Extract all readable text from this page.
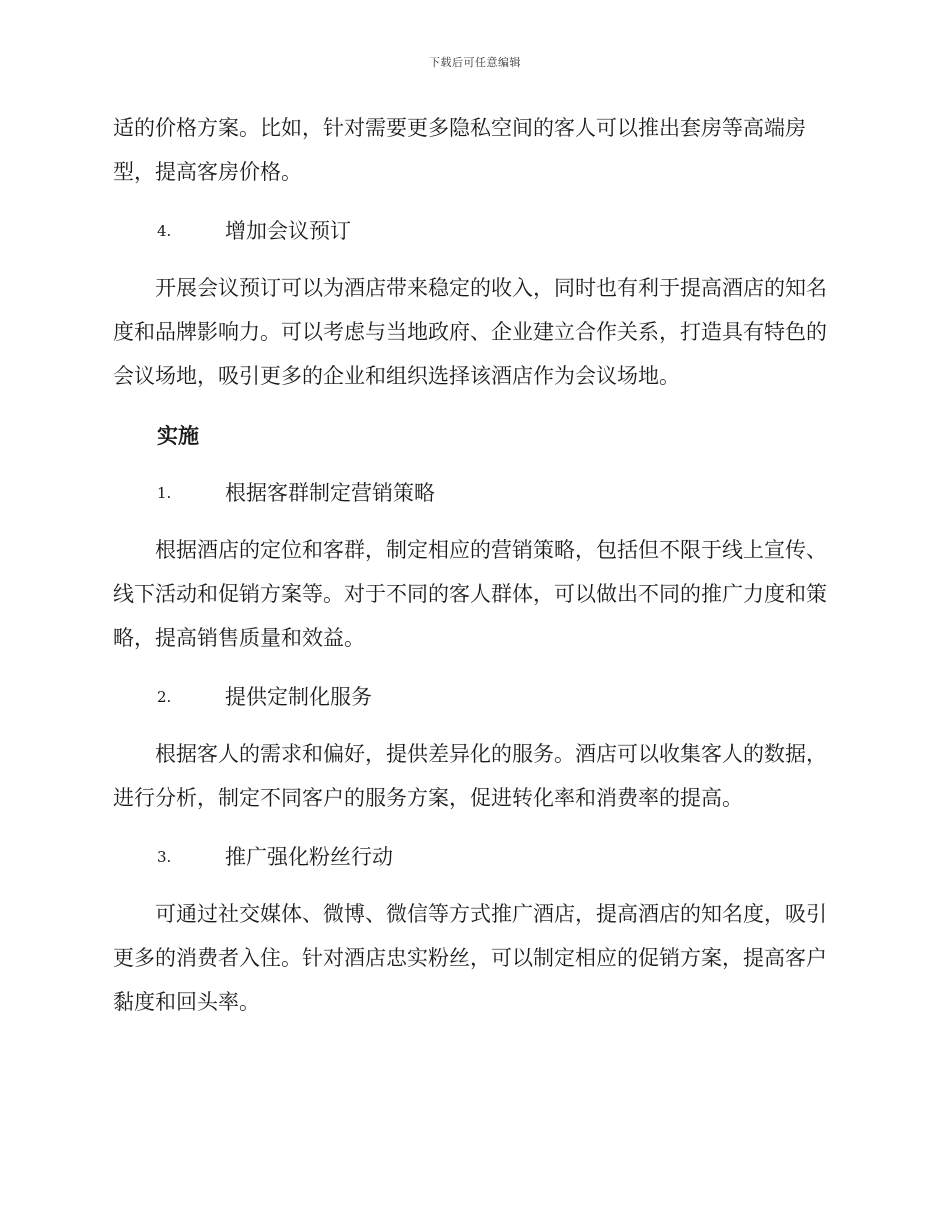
下载后可任意编辑
适的价格方案。比如，针对需要更多隐私空间的客人可以推出套房等高端房型，提高客房价格。
4.	增加会议预订
开展会议预订可以为酒店带来稳定的收入，同时也有利于提高酒店的知名度和品牌影响力。可以考虑与当地政府、企业建立合作关系，打造具有特色的会议场地，吸引更多的企业和组织选择该酒店作为会议场地。
实施
1.	根据客群制定营销策略
根据酒店的定位和客群，制定相应的营销策略，包括但不限于线上宣传、线下活动和促销方案等。对于不同的客人群体，可以做出不同的推广力度和策略，提高销售质量和效益。
2.	提供定制化服务
根据客人的需求和偏好，提供差异化的服务。酒店可以收集客人的数据，进行分析，制定不同客户的服务方案，促进转化率和消费率的提高。
3.	推广强化粉丝行动
可通过社交媒体、微博、微信等方式推广酒店，提高酒店的知名度，吸引更多的消费者入住。针对酒店忠实粉丝，可以制定相应的促销方案，提高客户黏度和回头率。
